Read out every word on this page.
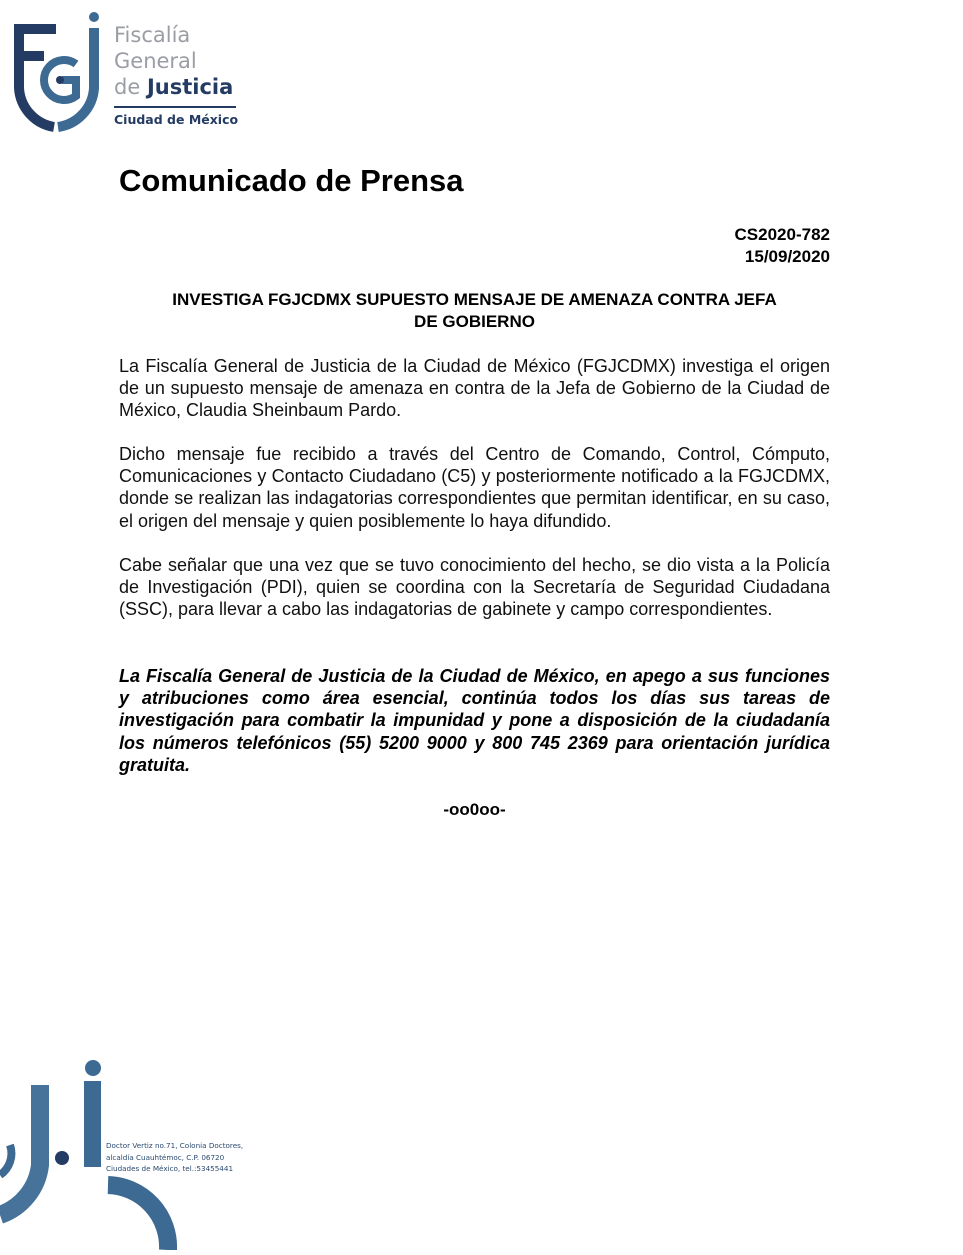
Fiscalía
General
de Justicia
Ciudad de México
Comunicado de Prensa
CS2020-782
15/09/2020
INVESTIGA FGJCDMX SUPUESTO MENSAJE DE AMENAZA CONTRA JEFA
DE GOBIERNO

La Fiscalía General de Justicia de la Ciudad de México (FGJCDMX) investiga el origen de un supuesto mensaje de amenaza en contra de la Jefa de Gobierno de la Ciudad de México, Claudia Sheinbaum Pardo.

Dicho mensaje fue recibido a través del Centro de Comando, Control, Cómputo, Comunicaciones y Contacto Ciudadano (C5) y posteriormente notificado a la FGJCDMX, donde se realizan las indagatorias correspondientes que permitan identificar, en su caso, el origen del mensaje y quien posiblemente lo haya difundido.

Cabe señalar que una vez que se tuvo conocimiento del hecho, se dio vista a la Policía de Investigación (PDI), quien se coordina con la Secretaría de Seguridad Ciudadana (SSC), para llevar a cabo las indagatorias de gabinete y campo correspondientes.

La Fiscalía General de Justicia de la Ciudad de México, en apego a sus funciones y atribuciones como área esencial, continúa todos los días sus tareas de investigación para combatir la impunidad y pone a disposición de la ciudadanía los números telefónicos (55) 5200 9000 y 800 745 2369 para orientación jurídica gratuita.

-oo0oo-
Doctor Vertiz no.71, Colonia Doctores,
alcaldía Cuauhtémoc, C.P. 06720
Ciudades de México, tel.:53455441
